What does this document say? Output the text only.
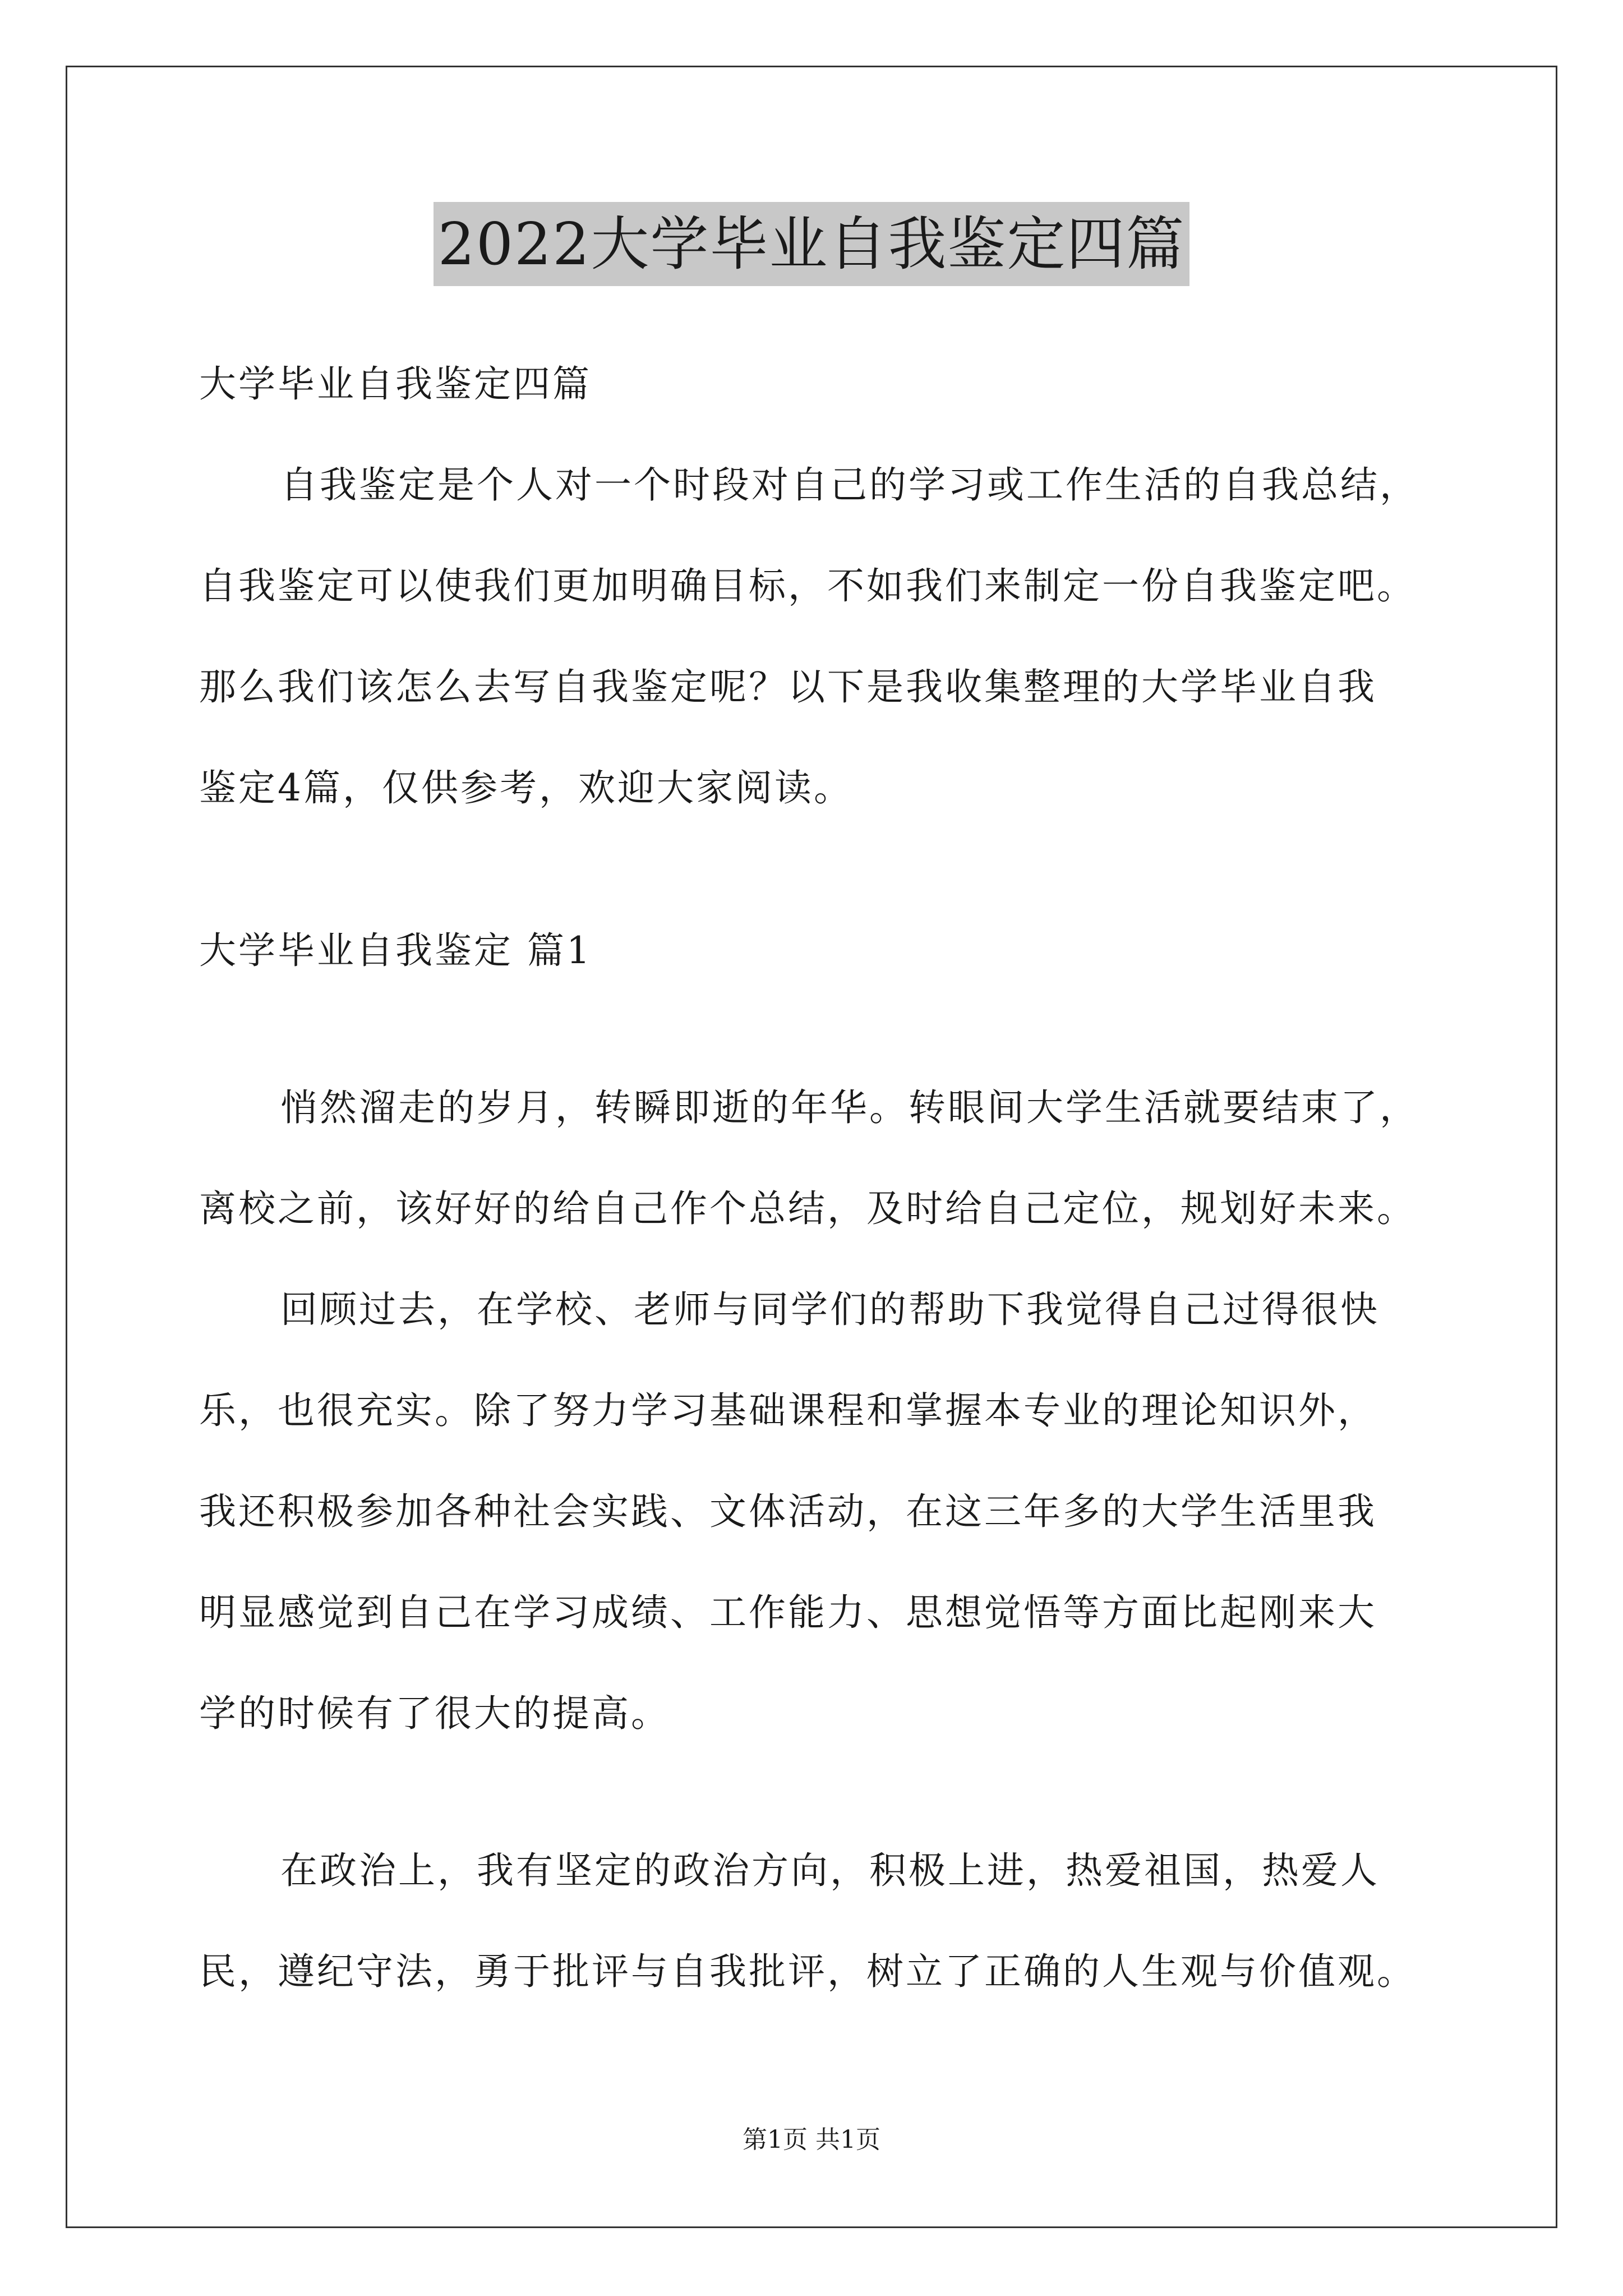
2022大学毕业自我鉴定四篇
大学毕业自我鉴定四篇
自我鉴定是个人对一个时段对自己的学习或工作生活的自我总结，
自我鉴定可以使我们更加明确目标，不如我们来制定一份自我鉴定吧。
那么我们该怎么去写自我鉴定呢？以下是我收集整理的大学毕业自我
鉴定4篇，仅供参考，欢迎大家阅读。
大学毕业自我鉴定 篇1
悄然溜走的岁月，转瞬即逝的年华。转眼间大学生活就要结束了，
离校之前，该好好的给自己作个总结，及时给自己定位，规划好未来。
回顾过去，在学校、老师与同学们的帮助下我觉得自己过得很快
乐，也很充实。除了努力学习基础课程和掌握本专业的理论知识外，
我还积极参加各种社会实践、文体活动，在这三年多的大学生活里我
明显感觉到自己在学习成绩、工作能力、思想觉悟等方面比起刚来大
学的时候有了很大的提高。
在政治上，我有坚定的政治方向，积极上进，热爱祖国，热爱人
民，遵纪守法，勇于批评与自我批评，树立了正确的人生观与价值观。
第1页 共1页
